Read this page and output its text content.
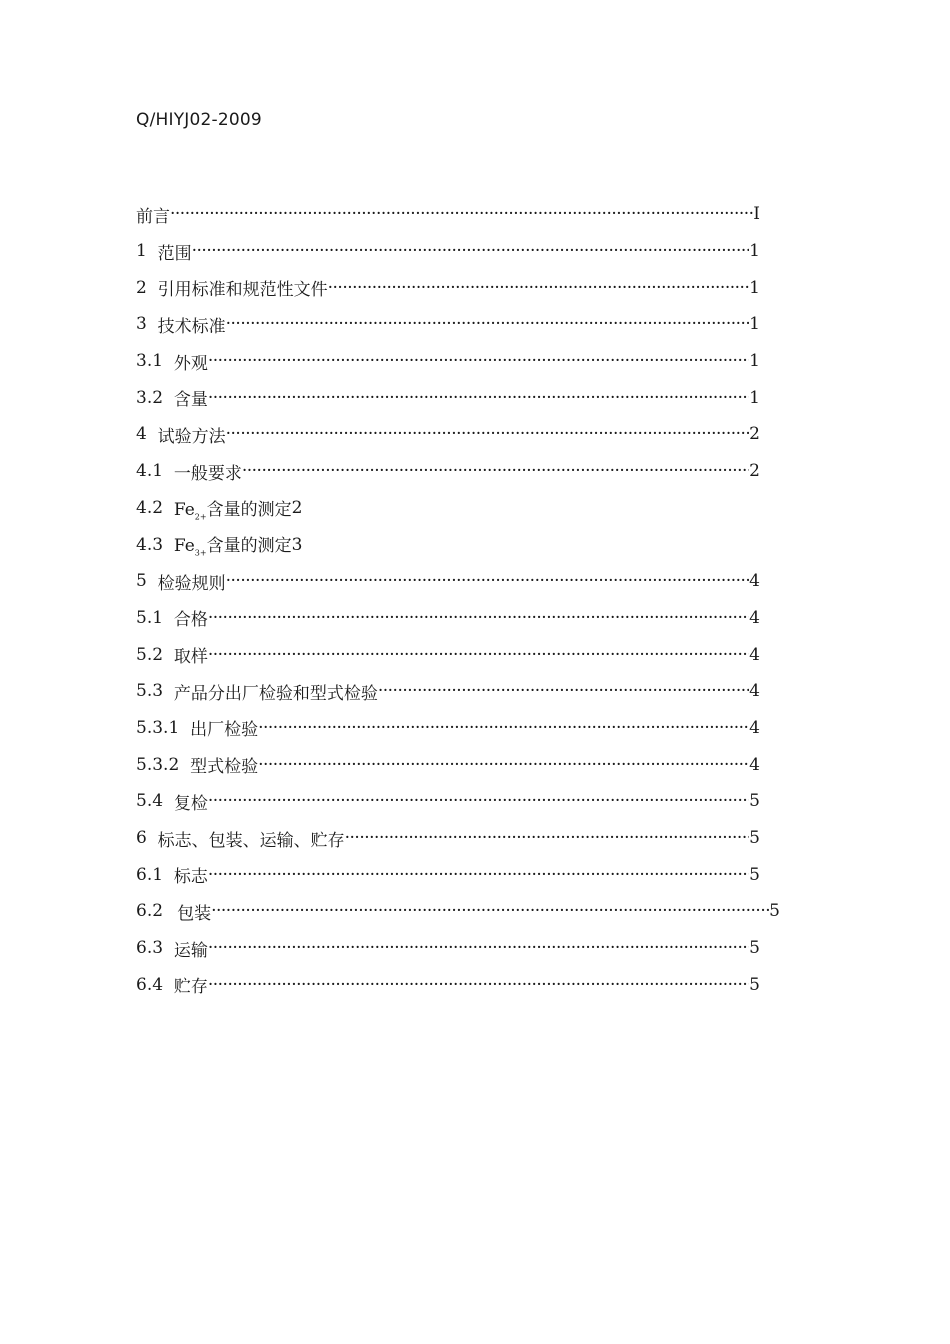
Q/HIYJ02-2009
前言 ·····	I
1 范围 ·····	1
2 引用标准和规范性文件 ·····	1
3 技术标准 ·····	1
3.1 外观 ·····	1
3.2 含量 ·····	1
4 试验方法 ·····	2
4.1 一般要求 ·····	2
4.2 $Fe_{2+}$含量的测定 2
4.3 $Fe_{3+}$含量的测定 3
5 检验规则 ·····	4
5.1 合格 ·····	4
5.2 取样 ·····	4
5.3 产品分出厂检验和型式检验 ·····	4
5.3.1 出厂检验 ·····	4
5.3.2 型式检验 ·····	4
5.4 复检 ·····	5
6 标志、包装、运输、贮存 ·····	5
6.1 标志 ·····	5
6.2 包装 ·····	5
6.3 运输 ·····	5
6.4 贮存 ·····	5
